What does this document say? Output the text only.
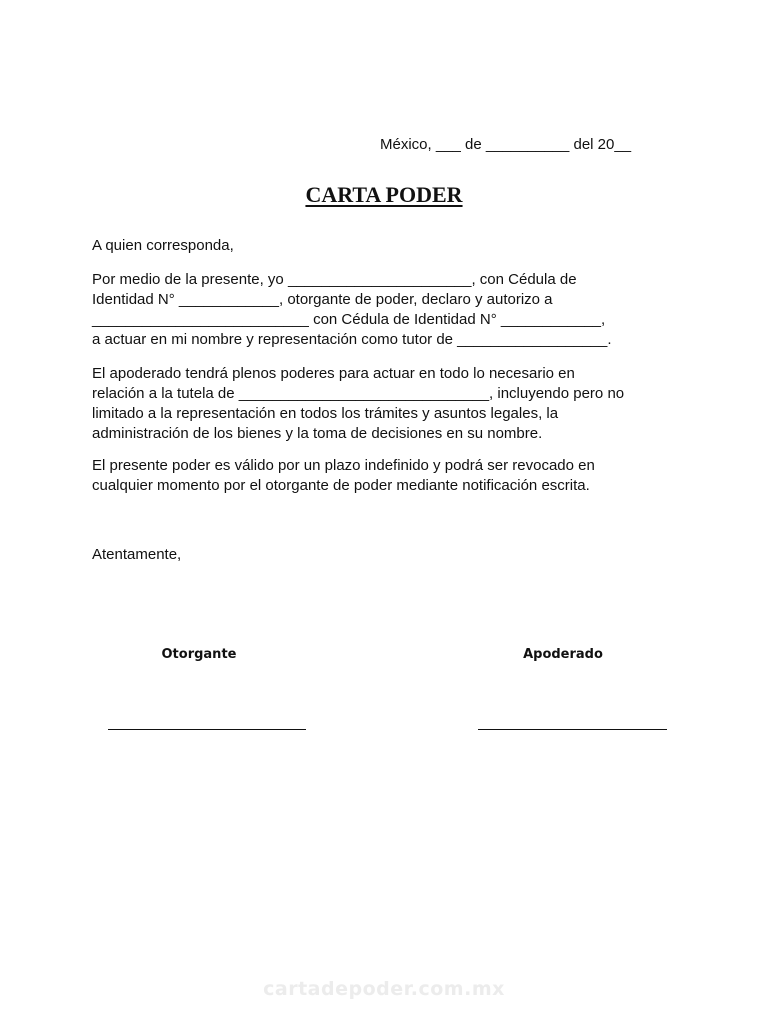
México, ___ de __________ del 20__
CARTA PODER

A quien corresponda,

Por medio de la presente, yo ______________________, con Cédula de
Identidad N° ____________, otorgante de poder, declaro y autorizo a
__________________________ con Cédula de Identidad N° ____________,
a actuar en mi nombre y representación como tutor de __________________.

El apoderado tendrá plenos poderes para actuar en todo lo necesario en
relación a la tutela de ______________________________, incluyendo pero no
limitado a la representación en todos los trámites y asuntos legales, la
administración de los bienes y la toma de decisiones en su nombre.

El presente poder es válido por un plazo indefinido y podrá ser revocado en
cualquier momento por el otorgante de poder mediante notificación escrita.

Atentamente,

Otorgante	Apoderado
cartadepoder.com.mx
